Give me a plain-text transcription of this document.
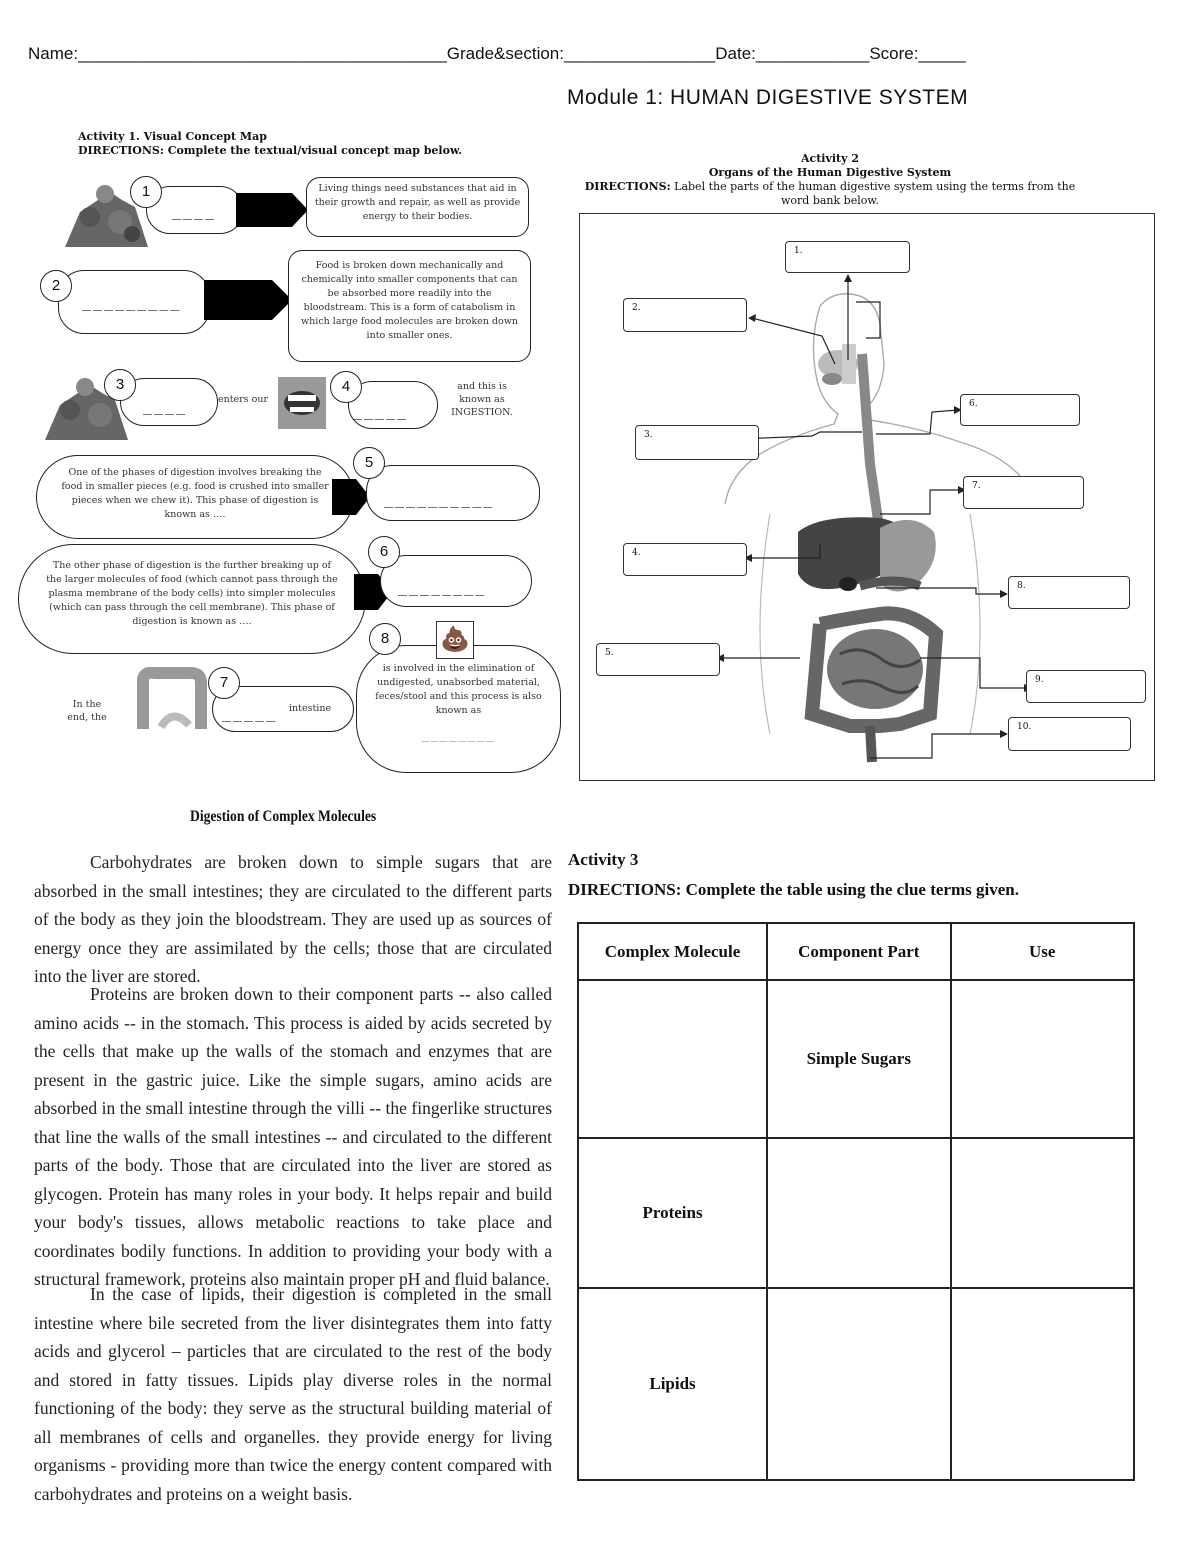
Name:_______________________________________Grade&section:________________Date:____________Score:_____
Module 1: HUMAN DIGESTIVE SYSTEM
Activity 1. Visual Concept Map
DIRECTIONS: Complete the textual/visual concept map below.
1
____
Living things need substances that aid in their growth and repair, as well as provide energy to their bodies.
2
_________
Food is broken down mechanically and chemically into smaller components that can be absorbed more readily into the bloodstream. This is a form of catabolism in which large food molecules are broken down into smaller ones.
3
____	enters our
4
_____
and this is known as INGESTION.
One of the phases of digestion involves breaking the food in smaller pieces (e.g. food is crushed into smaller pieces when we chew it). This phase of digestion is known as ….
5
__________
The other phase of digestion is the further breaking up of the larger molecules of food (which cannot pass through the plasma membrane of the body cells) into simpler molecules (which can pass through the cell membrane). This phase of digestion is known as ….
6
________
In the end, the
7
_____ intestine
is involved in the elimination of undigested, unabsorbed material, feces/stool and this process is also known as
________
8	💩
Activity 2
Organs of the Human Digestive System
DIRECTIONS: Label the parts of the human digestive system using the terms from the word bank below.
1.
2.
3.
4.
5.
6.
7.
8.
9.
10.
Digestion of Complex Molecules
Carbohydrates are broken down to simple sugars that are absorbed in the small intestines; they are circulated to the different parts of the body as they join the bloodstream. They are used up as sources of energy once they are assimilated by the cells; those that are circulated into the liver are stored.
Proteins are broken down to their component parts -- also called amino acids -- in the stomach. This process is aided by acids secreted by the cells that make up the walls of the stomach and enzymes that are present in the gastric juice. Like the simple sugars, amino acids are absorbed in the small intestine through the villi -- the fingerlike structures that line the walls of the small intestines -- and circulated to the different parts of the body. Those that are circulated into the liver are stored as glycogen. Protein has many roles in your body. It helps repair and build your body's tissues, allows metabolic reactions to take place and coordinates bodily functions. In addition to providing your body with a structural framework, proteins also maintain proper pH and fluid balance.
In the case of lipids, their digestion is completed in the small intestine where bile secreted from the liver disintegrates them into fatty acids and glycerol – particles that are circulated to the rest of the body and stored in fatty tissues. Lipids play diverse roles in the normal functioning of the body: they serve as the structural building material of all membranes of cells and organelles. they provide energy for living organisms - providing more than twice the energy content compared with carbohydrates and proteins on a weight basis.
Activity 3
DIRECTIONS: Complete the table using the clue terms given.
Complex Molecule	Component Part	Use
	Simple Sugars	
Proteins		
Lipids		
